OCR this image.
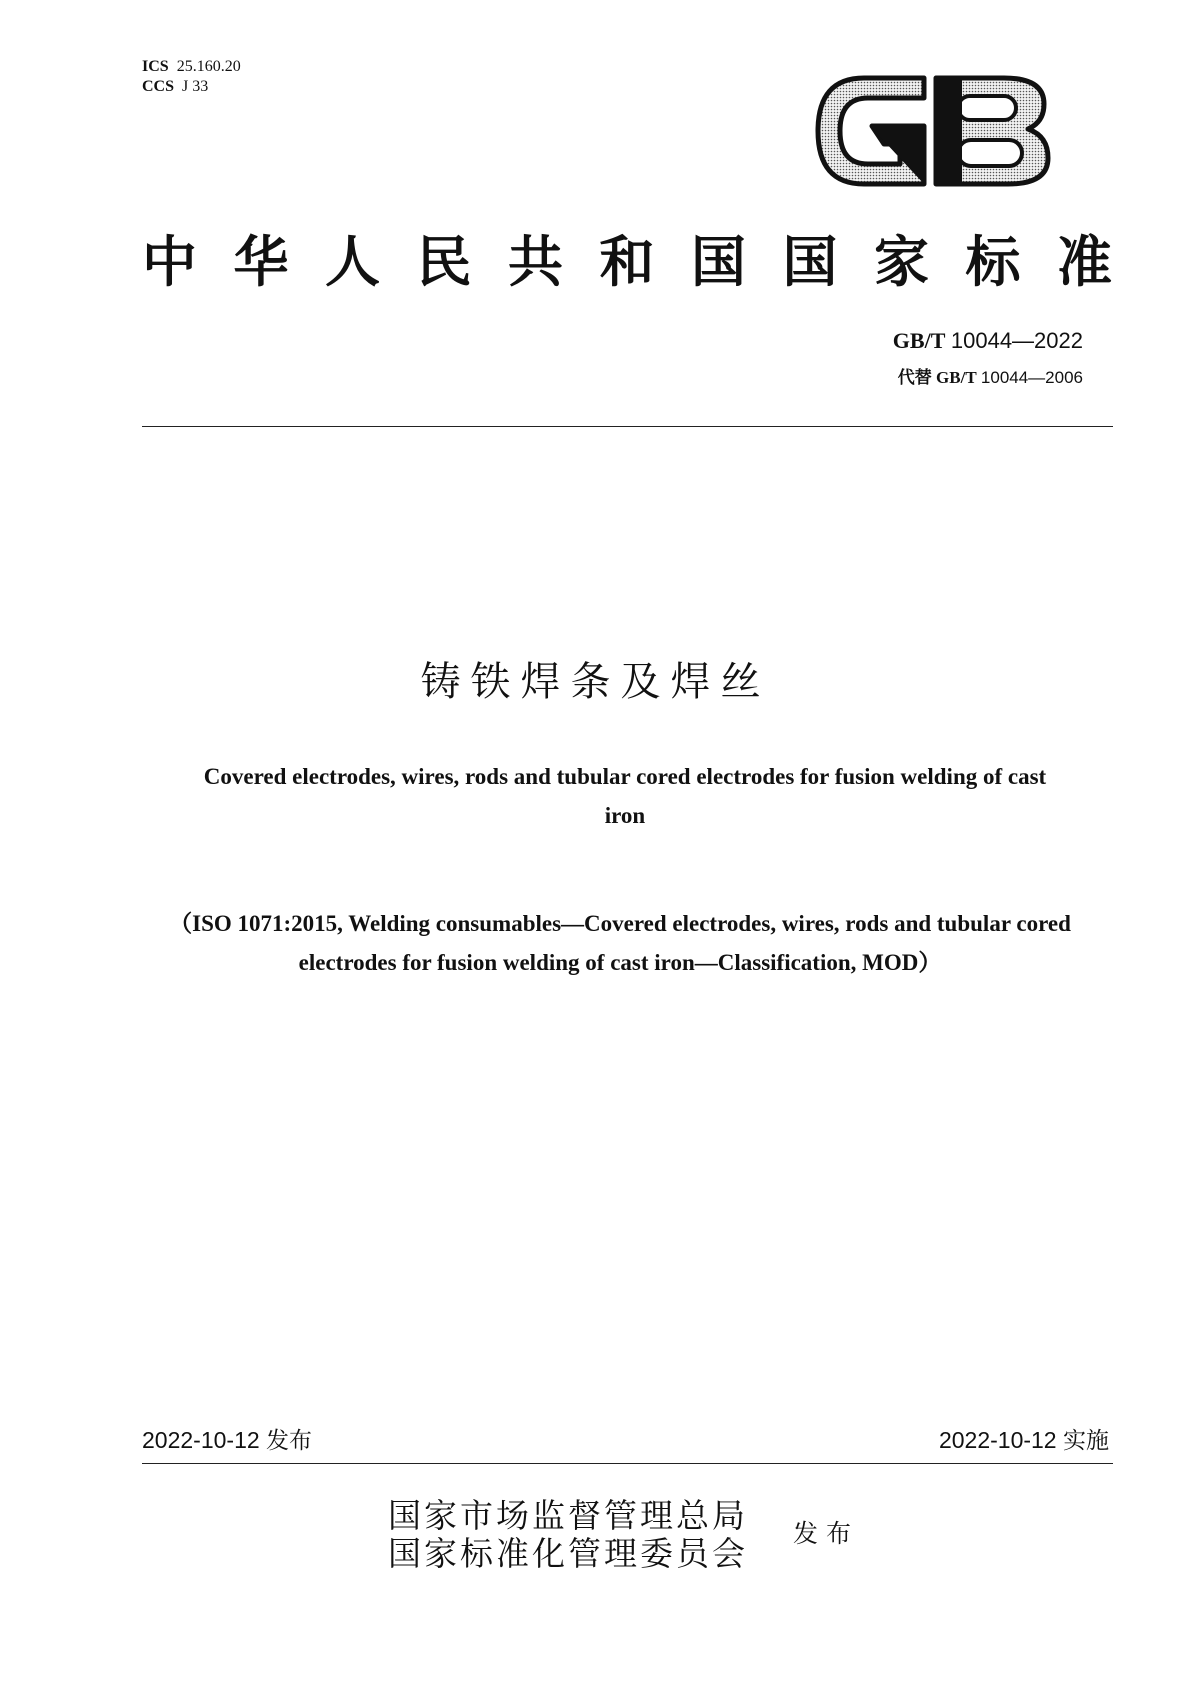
ICS 25.160.20
CCS J 33
中华人民共和国国家标准
GB/T 10044—2022
代替 GB/T 10044—2006
铸铁焊条及焊丝
Covered electrodes, wires, rods and tubular cored electrodes for fusion welding of cast iron
（ISO 1071:2015, Welding consumables—Covered electrodes, wires, rods and tubular cored electrodes for fusion welding of cast iron—Classification, MOD）
2022-10-12 发布	2022-10-12 实施
国家市场监督管理总局
国家标准化管理委员会
发布
